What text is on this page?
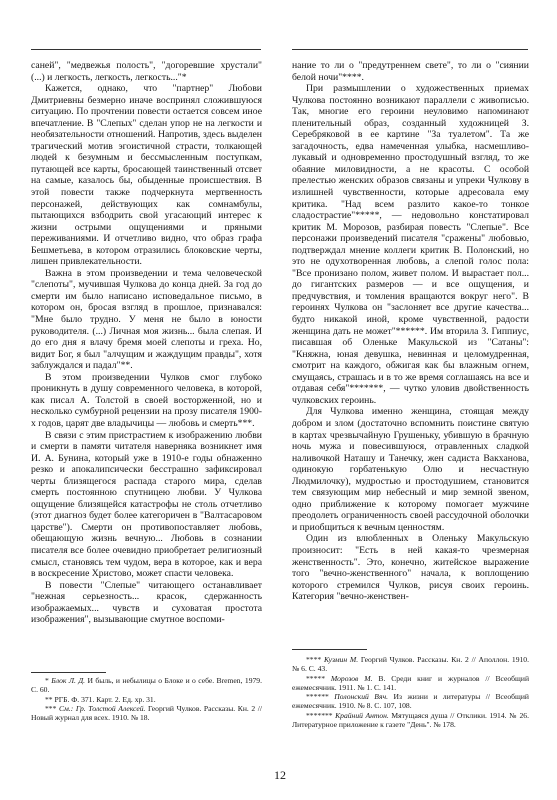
саней", "медвежья полость", "догоревшие хрустали" (...) и легкость, легкость, легкость..."*

Кажется, однако, что "партнер" Любови Дмитриевны безмерно иначе воспринял сложившуюся ситуацию. По прочтении повести остается совсем иное впечатление. В "Слепых" сделан упор не на легкости и необязательности отношений. Напротив, здесь выделен трагический мотив эгоистичной страсти, толкающей людей к безумным и бессмысленным поступкам, путающей все карты, бросающей таинственный отсвет на самые, казалось бы, обыденные происшествия. В этой повести также подчеркнута мертвенность персонажей, действующих как сомнамбулы, пытающихся взбодрить свой угасающий интерес к жизни острыми ощущениями и пряными переживаниями. И отчетливо видно, что образ графа Бешметьева, в котором отразились блоковские черты, лишен привлекательности.

Важна в этом произведении и тема человеческой "слепоты", мучившая Чулкова до конца дней. За год до смерти им было написано исповедальное письмо, в котором он, бросая взгляд в прошлое, признавался: "Мне было трудно. У меня не было в юности руководителя. (...) Личная моя жизнь... была слепая. И до его дня я влачу бремя моей слепоты и греха. Но, видит Бог, я был "алчущим и жаждущим правды", хотя заблуждался и падал"**.

В этом произведении Чулков смог глубоко проникнуть в душу современного человека, в которой, как писал А. Толстой в своей восторженной, но и несколько сумбурной рецензии на прозу писателя 1900-х годов, царят две владычицы — любовь и смерть***.

В связи с этим пристрастием к изображению любви и смерти в памяти читателя наверняка возникнет имя И. А. Бунина, который уже в 1910-е годы обнаженно резко и апокалипсически бесстрашно зафиксировал черты близящегося распада старого мира, сделав смерть постоянною спутницею любви. У Чулкова ощущение близящейся катастрофы не столь отчетливо (этот диагноз будет более категоричен в "Валтасаровом царстве"). Смерти он противопоставляет любовь, обещающую жизнь вечную... Любовь в сознании писателя все более очевидно приобретает религиозный смысл, становясь тем чудом, вера в которое, как и вера в воскресение Христово, может спасти человека.

В повести "Слепые" читающего останавливает "нежная серьезность... красок, сдержанность изображаемых... чувств и суховатая простота изображения", вызывающие смутное воспоми-

нание то ли о "предутреннем свете", то ли о "сиянии белой ночи"****.

При размышлении о художественных приемах Чулкова постоянно возникают параллели с живописью. Так, многие его героини неуловимо напоминают пленительный образ, созданный художницей З. Серебряковой в ее картине "За туалетом". Та же загадочность, едва намеченная улыбка, насмешливо-лукавый и одновременно простодушный взгляд, то же обаяние миловидности, а не красоты. С особой прелестью женских образов связаны и упреки Чулкову в излишней чувственности, которые адресовала ему критика. "Над всем разлито какое-то тонкое сладострастие"*****, — недовольно констатировал критик М. Морозов, разбирая повесть "Слепые". Все персонажи произведений писателя "сражены" любовью, подтверждал мнение коллеги критик В. Полонский, но это не одухотворенная любовь, а слепой голос пола: "Все пронизано полом, живет полом. И вырастает пол... до гигантских размеров — и все ощущения, и предчувствия, и томления вращаются вокруг него". В героинях Чулкова он "заслоняет все другие качества... будто никакой иной, кроме чувственной, радости женщина дать не может"******. Им вторила З. Гиппиус, писавшая об Оленьке Макульской из "Сатаны": "Княжна, юная девушка, невинная и целомудренная, смотрит на каждого, обжигая как бы влажным огнем, смущаясь, страшась и в то же время соглашаясь на все и отдавая себя"*******, — чутко уловив двойственность чулковских героинь.

Для Чулкова именно женщина, стоящая между добром и злом (достаточно вспомнить поистине святую в картах чрезвычайную Грушеньку, убившую в брачную ночь мужа и повесившуюся, отравленных сладкой наливочкой Наташу и Танечку, жен садиста Вакханова, одинокую горбатенькую Олю и несчастную Людмилочку), мудростью и простодушием, становится тем связующим мир небесный и мир земной звеном, одно приближение к которому помогает мужчине преодолеть ограниченность своей рассудочной оболочки и приобщиться к вечным ценностям.

Один из влюбленных в Оленьку Макульскую произносит: "Есть в ней какая-то чрезмерная женственность". Это, конечно, житейское выражение того "вечно-женственного" начала, к воплощению которого стремился Чулков, рисуя своих героинь. Категория "вечно-женствен-

* Блок Л. Д. И быль, и небылицы о Блоке и о себе. Bremen, 1979. С. 60.

** РГБ. Ф. 371. Карт. 2. Ед. хр. 31.

*** См.: Гр. Толстой Алексей. Георгий Чулков. Рассказы. Кн. 2 // Новый журнал для всех. 1910. № 18.

**** Кузмин М. Георгий Чулков. Рассказы. Кн. 2 // Аполлон. 1910. № 6. С. 43.

***** Морозов М. В. Среди книг и журналов // Всеобщий ежемесячник. 1911. № 1. С. 141.

****** Полонский Вяч. Из жизни и литературы // Всеобщий ежемесячник. 1910. № 8. С. 107, 108.

******* Крайний Антон. Мятущаяся душа // Отклики. 1914. № 26. Литературное приложение к газете "День". № 178.

12
